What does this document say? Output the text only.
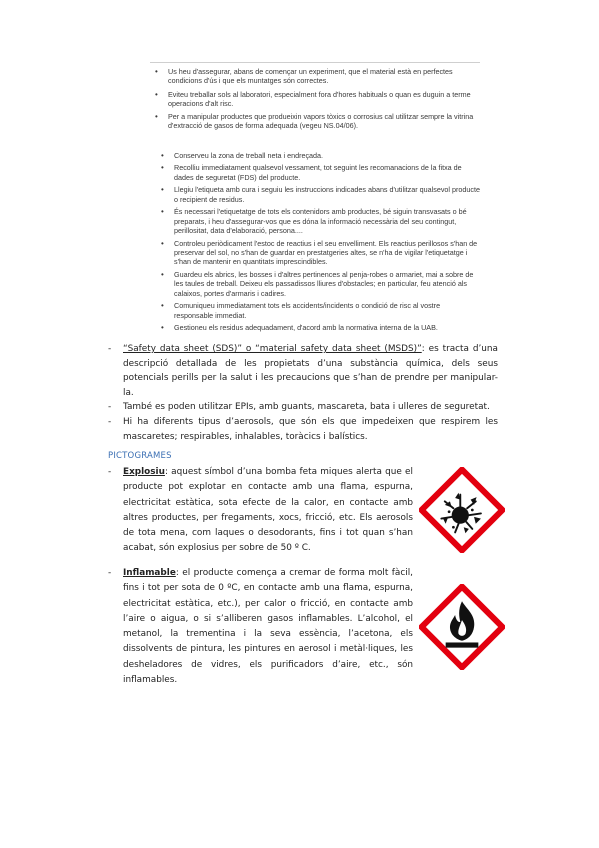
• Us heu d'assegurar, abans de començar un experiment, que el material està en perfectes condicions d'ús i que els muntatges són correctes.
• Eviteu treballar sols al laboratori, especialment fora d'hores habituals o quan es duguin a terme operacions d'alt risc.
• Per a manipular productes que produeixin vapors tòxics o corrosius cal utilitzar sempre la vitrina d'extracció de gasos de forma adequada (vegeu NS.04/06).
• Conserveu la zona de treball neta i endreçada.
• Recolliu immediatament qualsevol vessament, tot seguint les recomanacions de la fitxa de dades de seguretat (FDS) del producte.
• Llegiu l'etiqueta amb cura i seguiu les instruccions indicades abans d'utilitzar qualsevol producte o recipient de residus.
• És necessari l'etiquetatge de tots els contenidors amb productes, bé siguin transvasats o bé preparats, i heu d'assegurar-vos que es dóna la informació necessària del seu contingut, perillositat, data d'elaboració, persona....
• Controleu periòdicament l'estoc de reactius i el seu envelliment. Els reactius perillosos s'han de preservar del sol, no s'han de guardar en prestatgeries altes, se n'ha de vigilar l'etiquetatge i s'han de mantenir en quantitats imprescindibles.
• Guardeu els abrics, les bosses i d'altres pertinences al penja-robes o armariet, mai a sobre de les taules de treball. Deixeu els passadissos lliures d'obstacles; en particular, feu atenció als calaixos, portes d'armaris i cadires.
• Comuniqueu immediatament tots els accidents/incidents o condició de risc al vostre responsable immediat.
• Gestioneu els residus adequadament, d'acord amb la normativa interna de la UAB.
- “Safety data sheet (SDS)” o “material safety data sheet (MSDS)”: es tracta d’una descripció detallada de les propietats d’una substància química, dels seus potencials perills per la salut i les precaucions que s’han de prendre per manipular-la.
- També es poden utilitzar EPIs, amb guants, mascareta, bata i ulleres de seguretat.
- Hi ha diferents tipus d’aerosols, que són els que impedeixen que respirem les mascaretes; respirables, inhalables, toràcics i balístics.
PICTOGRAMES
- Explosiu: aquest símbol d’una bomba feta miques alerta que el producte pot explotar en contacte amb una flama, espurna, electricitat estàtica, sota efecte de la calor, en contacte amb altres productes, per fregaments, xocs, fricció, etc. Els aerosols de tota mena, com laques o desodorants, fins i tot quan s’han acabat, són explosius per sobre de 50 º C.
- Inflamable: el producte comença a cremar de forma molt fàcil, fins i tot per sota de 0 ºC, en contacte amb una flama, espurna, electricitat estàtica, etc.), per calor o fricció, en contacte amb l’aire o aigua, o si s’alliberen gasos inflamables. L’alcohol, el metanol, la trementina i la seva essència, l’acetona, els dissolvents de pintura, les pintures en aerosol i metàl·liques, les desheladores de vidres, els purificadors d’aire, etc., són inflamables.
